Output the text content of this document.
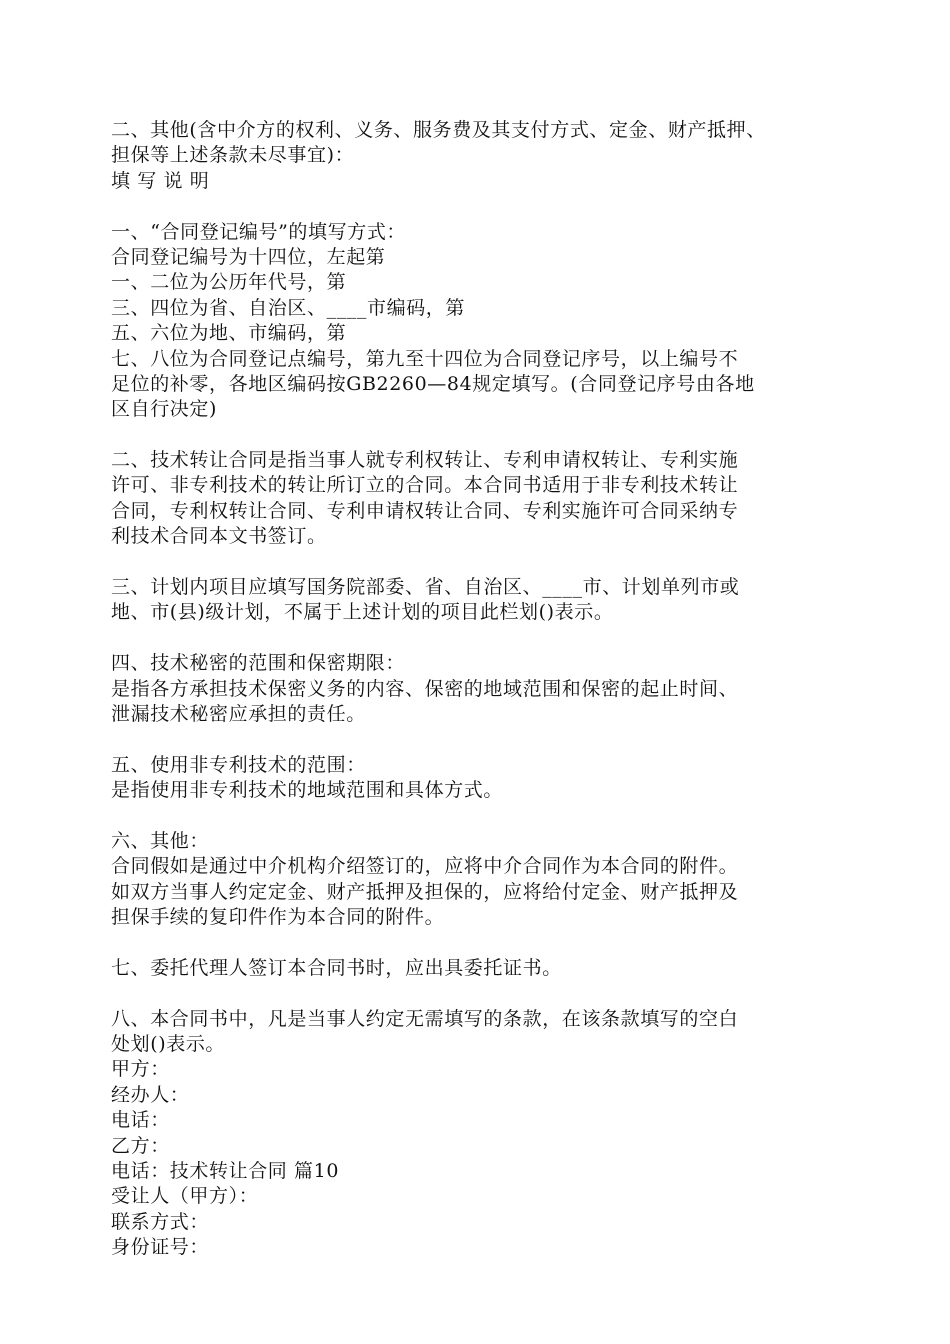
二、其他(含中介方的权利、义务、服务费及其支付方式、定金、财产抵押、
担保等上述条款未尽事宜)：
填 写 说 明
一、“合同登记编号”的填写方式：
合同登记编号为十四位，左起第
一、二位为公历年代号，第
三、四位为省、自治区、____市编码，第
五、六位为地、市编码，第
七、八位为合同登记点编号，第九至十四位为合同登记序号，以上编号不
足位的补零，各地区编码按GB2260—84规定填写。(合同登记序号由各地
区自行决定)
二、技术转让合同是指当事人就专利权转让、专利申请权转让、专利实施
许可、非专利技术的转让所订立的合同。本合同书适用于非专利技术转让
合同，专利权转让合同、专利申请权转让合同、专利实施许可合同采纳专
利技术合同本文书签订。
三、计划内项目应填写国务院部委、省、自治区、____市、计划单列市或
地、市(县)级计划，不属于上述计划的项目此栏划()表示。
四、技术秘密的范围和保密期限：
是指各方承担技术保密义务的内容、保密的地域范围和保密的起止时间、
泄漏技术秘密应承担的责任。
五、使用非专利技术的范围：
是指使用非专利技术的地域范围和具体方式。
六、其他：
合同假如是通过中介机构介绍签订的，应将中介合同作为本合同的附件。
如双方当事人约定定金、财产抵押及担保的，应将给付定金、财产抵押及
担保手续的复印件作为本合同的附件。
七、委托代理人签订本合同书时，应出具委托证书。
八、本合同书中，凡是当事人约定无需填写的条款，在该条款填写的空白
处划()表示。
甲方：
经办人：
电话：
乙方：
电话：技术转让合同 篇10
受让人（甲方）：
联系方式：
身份证号：
